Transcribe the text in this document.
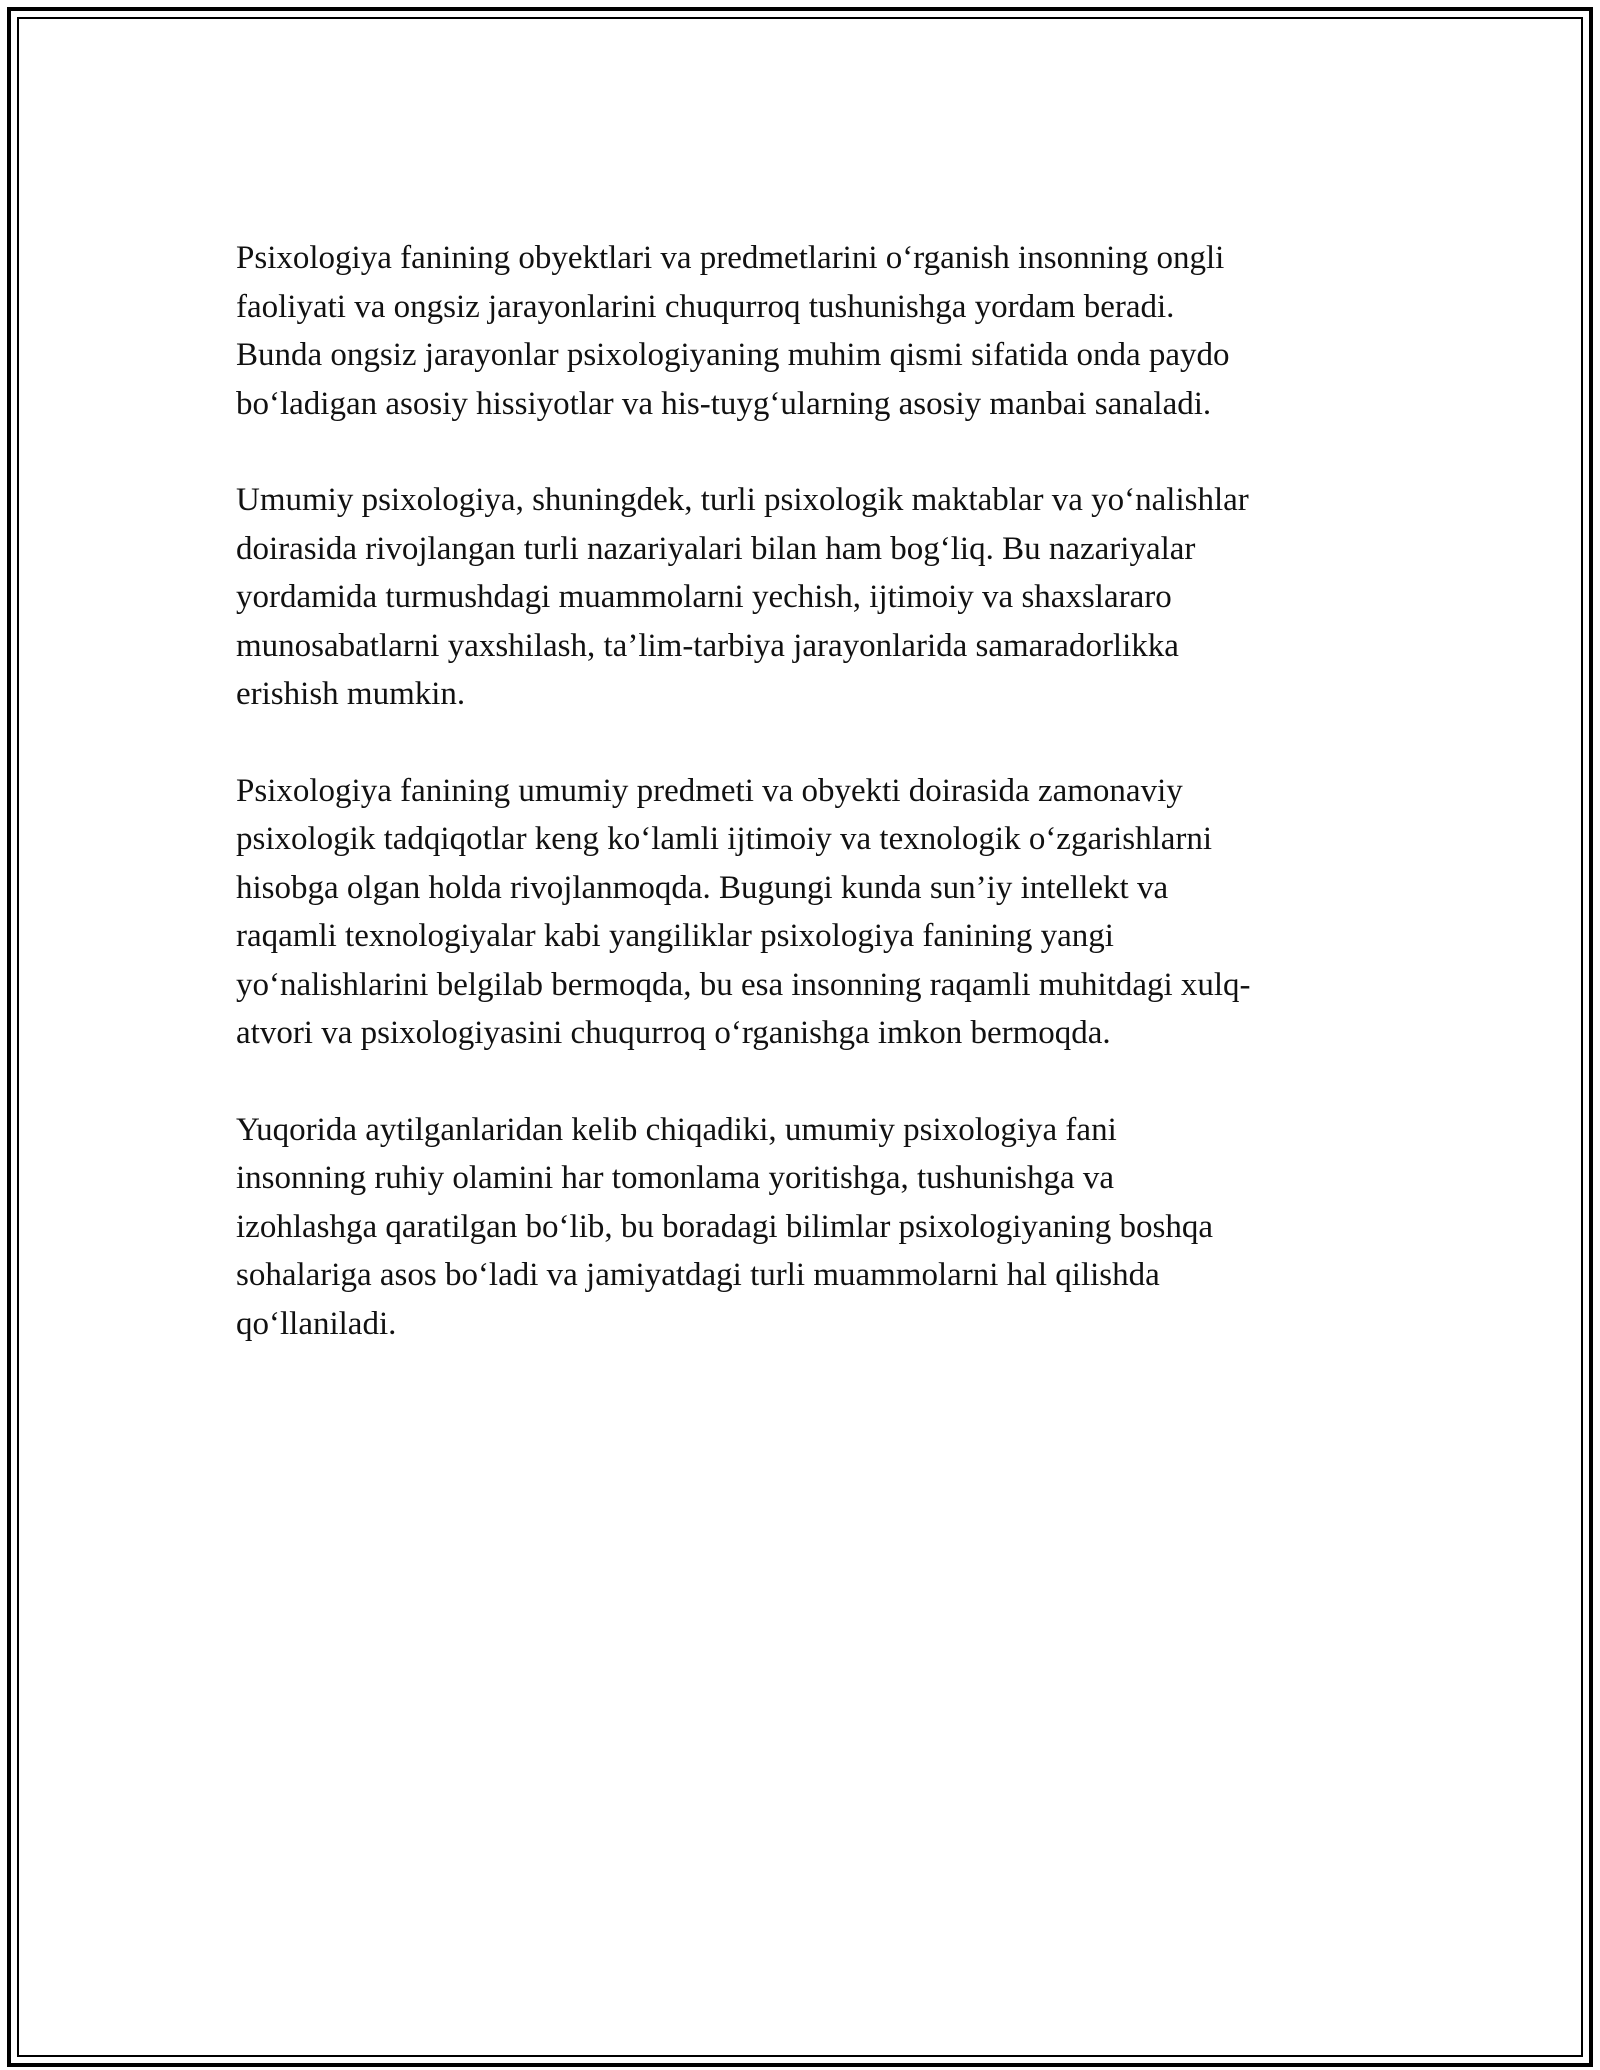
Psixologiya fanining obyektlari va predmetlarini o‘rganish insonning ongli
faoliyati va ongsiz jarayonlarini chuqurroq tushunishga yordam beradi.
Bunda ongsiz jarayonlar psixologiyaning muhim qismi sifatida onda paydo
bo‘ladigan asosiy hissiyotlar va his-tuyg‘ularning asosiy manbai sanaladi.

Umumiy psixologiya, shuningdek, turli psixologik maktablar va yo‘nalishlar
doirasida rivojlangan turli nazariyalari bilan ham bog‘liq. Bu nazariyalar
yordamida turmushdagi muammolarni yechish, ijtimoiy va shaxslararo
munosabatlarni yaxshilash, ta’lim-tarbiya jarayonlarida samaradorlikka
erishish mumkin.

Psixologiya fanining umumiy predmeti va obyekti doirasida zamonaviy
psixologik tadqiqotlar keng ko‘lamli ijtimoiy va texnologik o‘zgarishlarni
hisobga olgan holda rivojlanmoqda. Bugungi kunda sun’iy intellekt va
raqamli texnologiyalar kabi yangiliklar psixologiya fanining yangi
yo‘nalishlarini belgilab bermoqda, bu esa insonning raqamli muhitdagi xulq-
atvori va psixologiyasini chuqurroq o‘rganishga imkon bermoqda.

Yuqorida aytilganlaridan kelib chiqadiki, umumiy psixologiya fani
insonning ruhiy olamini har tomonlama yoritishga, tushunishga va
izohlashga qaratilgan bo‘lib, bu boradagi bilimlar psixologiyaning boshqa
sohalariga asos bo‘ladi va jamiyatdagi turli muammolarni hal qilishda
qo‘llaniladi.
